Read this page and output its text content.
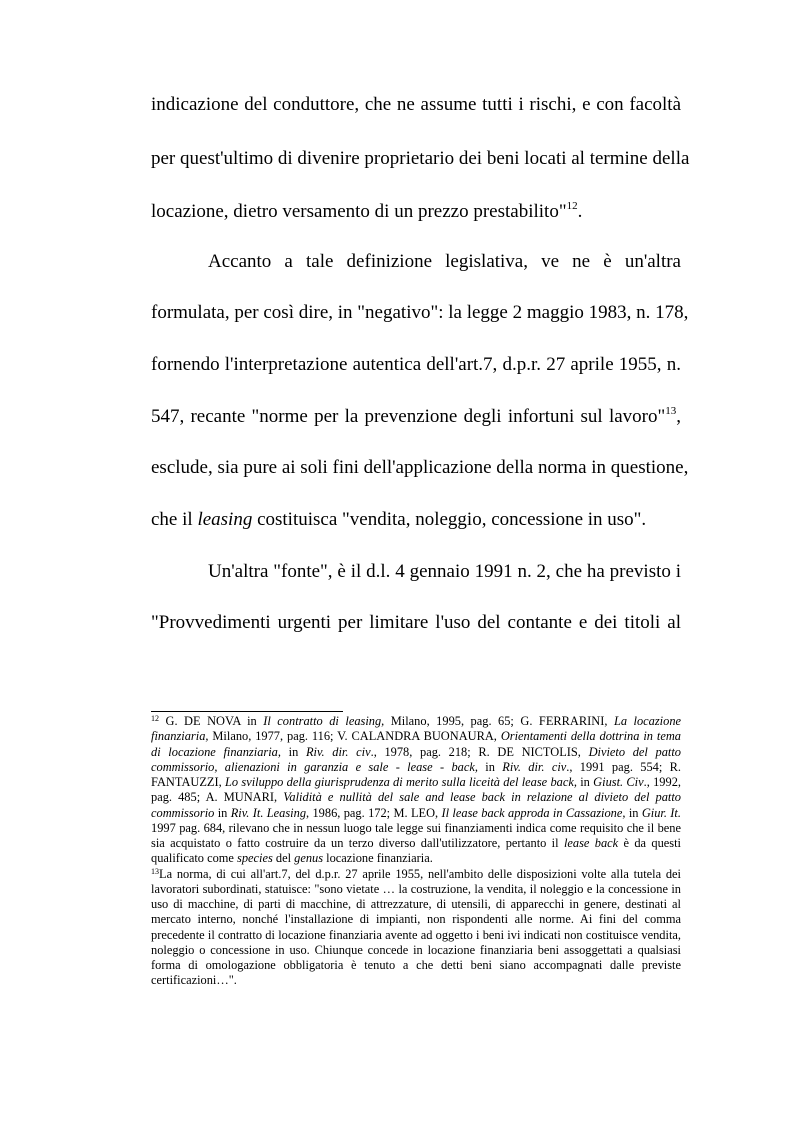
indicazione del conduttore, che ne assume tutti i rischi, e con facoltà
per quest'ultimo di divenire proprietario dei beni locati al termine della
locazione, dietro versamento di un prezzo prestabilito"$^{12}$.
Accanto a tale definizione legislativa, ve ne è un'altra
formulata, per così dire, in "negativo": la legge 2 maggio 1983, n. 178,
fornendo l'interpretazione autentica dell'art.7, d.p.r. 27 aprile 1955, n.
547, recante "norme per la prevenzione degli infortuni sul lavoro"$^{13}$,
esclude, sia pure ai soli fini dell'applicazione della norma in questione,
che il leasing costituisca "vendita, noleggio, concessione in uso".
Un'altra "fonte", è il d.l. 4 gennaio 1991 n. 2, che ha previsto i
"Provvedimenti urgenti per limitare l'uso del contante e dei titoli al

$^{12}$ G. DE NOVA in Il contratto di leasing, Milano, 1995, pag. 65; G. FERRARINI, La locazione finanziaria, Milano, 1977, pag. 116; V. CALANDRA BUONAURA, Orientamenti della dottrina in tema di locazione finanziaria, in Riv. dir. civ., 1978, pag. 218; R. DE NICTOLIS, Divieto del patto commissorio, alienazioni in garanzia e sale - lease - back, in Riv. dir. civ., 1991 pag. 554; R. FANTAUZZI, Lo sviluppo della giurisprudenza di merito sulla liceità del lease back, in Giust. Civ., 1992, pag. 485; A. MUNARI, Validità e nullità del sale and lease back in relazione al divieto del patto commissorio in Riv. It. Leasing, 1986, pag. 172; M. LEO, Il lease back approda in Cassazione, in Giur. It. 1997 pag. 684, rilevano che in nessun luogo tale legge sui finanziamenti indica come requisito che il bene sia acquistato o fatto costruire da un terzo diverso dall'utilizzatore, pertanto il lease back è da questi qualificato come species del genus locazione finanziaria.

$^{13}$La norma, di cui all'art.7, del d.p.r. 27 aprile 1955, nell'ambito delle disposizioni volte alla tutela dei lavoratori subordinati, statuisce: "sono vietate … la costruzione, la vendita, il noleggio e la concessione in uso di macchine, di parti di macchine, di attrezzature, di utensili, di apparecchi in genere, destinati al mercato interno, nonché l'installazione di impianti, non rispondenti alle norme. Ai fini del comma precedente il contratto di locazione finanziaria avente ad oggetto i beni ivi indicati non costituisce vendita, noleggio o concessione in uso. Chiunque concede in locazione finanziaria beni assoggettati a qualsiasi forma di omologazione obbligatoria è tenuto a che detti beni siano accompagnati dalle previste certificazioni…".
